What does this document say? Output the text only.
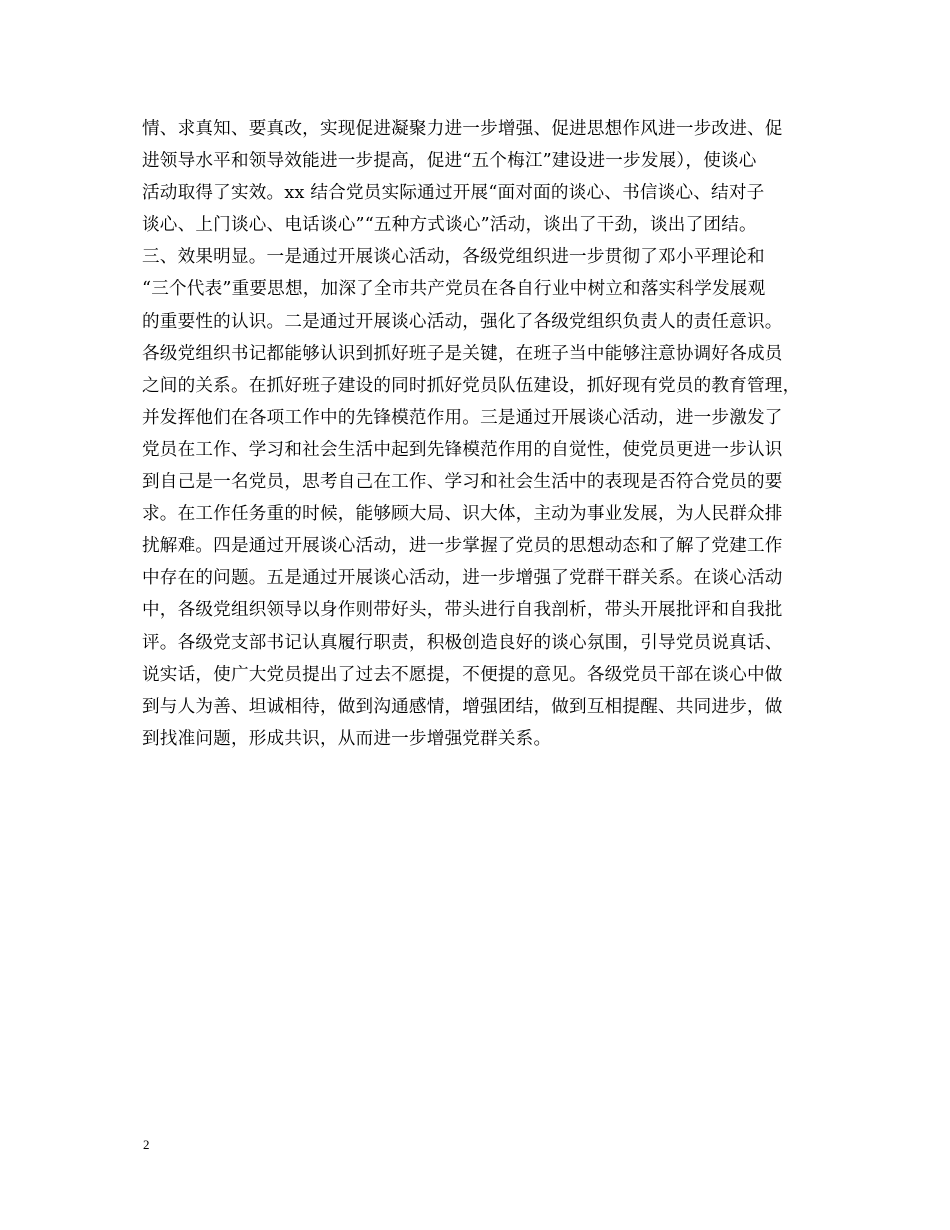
情、求真知、要真改，实现促进凝聚力进一步增强、促进思想作风进一步改进、促
进领导水平和领导效能进一步提高，促进“五个梅江”建设进一步发展），使谈心
活动取得了实效。xx 结合党员实际通过开展“面对面的谈心、书信谈心、结对子
谈心、上门谈心、电话谈心”“五种方式谈心”活动，谈出了干劲，谈出了团结。
三、效果明显。一是通过开展谈心活动，各级党组织进一步贯彻了邓小平理论和
“三个代表”重要思想，加深了全市共产党员在各自行业中树立和落实科学发展观
的重要性的认识。二是通过开展谈心活动，强化了各级党组织负责人的责任意识。
各级党组织书记都能够认识到抓好班子是关键，在班子当中能够注意协调好各成员
之间的关系。在抓好班子建设的同时抓好党员队伍建设，抓好现有党员的教育管理，
并发挥他们在各项工作中的先锋模范作用。三是通过开展谈心活动，进一步激发了
党员在工作、学习和社会生活中起到先锋模范作用的自觉性，使党员更进一步认识
到自己是一名党员，思考自己在工作、学习和社会生活中的表现是否符合党员的要
求。在工作任务重的时候，能够顾大局、识大体，主动为事业发展，为人民群众排
扰解难。四是通过开展谈心活动，进一步掌握了党员的思想动态和了解了党建工作
中存在的问题。五是通过开展谈心活动，进一步增强了党群干群关系。在谈心活动
中，各级党组织领导以身作则带好头，带头进行自我剖析，带头开展批评和自我批
评。各级党支部书记认真履行职责，积极创造良好的谈心氛围，引导党员说真话、
说实话，使广大党员提出了过去不愿提，不便提的意见。各级党员干部在谈心中做
到与人为善、坦诚相待，做到沟通感情，增强团结，做到互相提醒、共同进步，做
到找准问题，形成共识，从而进一步增强党群关系。
2
